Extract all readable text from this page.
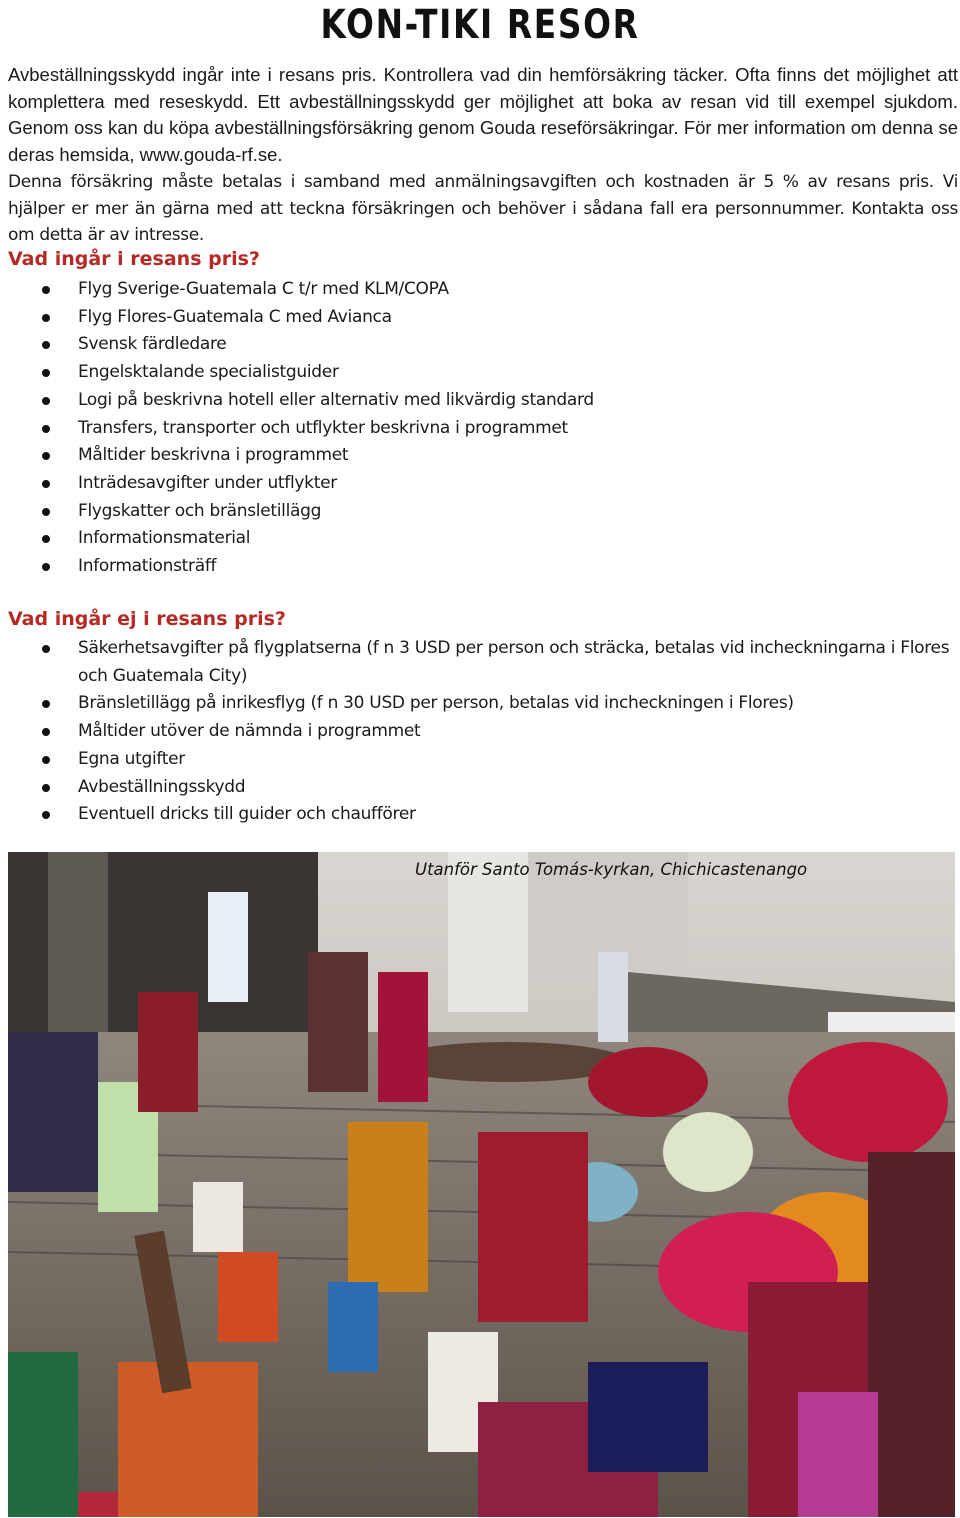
KON-TIKI RESOR

Avbeställningsskydd ingår inte i resans pris. Kontrollera vad din hemförsäkring täcker. Ofta finns det möjlighet att komplettera med reseskydd. Ett avbeställningsskydd ger möjlighet att boka av resan vid till exempel sjukdom. Genom oss kan du köpa avbeställningsförsäkring genom Gouda reseförsäkringar. För mer information om denna se deras hemsida, www.gouda-rf.se.

Denna försäkring måste betalas i samband med anmälningsavgiften och kostnaden är 5 % av resans pris. Vi hjälper er mer än gärna med att teckna försäkringen och behöver i sådana fall era personnummer. Kontakta oss om detta är av intresse.

Vad ingår i resans pris?
Flyg Sverige-Guatemala C t/r med KLM/COPA
Flyg Flores-Guatemala C med Avianca
Svensk färdledare
Engelsktalande specialistguider
Logi på beskrivna hotell eller alternativ med likvärdig standard
Transfers, transporter och utflykter beskrivna i programmet
Måltider beskrivna i programmet
Inträdesavgifter under utflykter
Flygskatter och bränsletillägg
Informationsmaterial
Informationsträff
Vad ingår ej i resans pris?
Säkerhetsavgifter på flygplatserna (f n 3 USD per person och sträcka, betalas vid incheckningarna i Flores och Guatemala City)
Bränsletillägg på inrikesflyg (f n 30 USD per person, betalas vid incheckningen i Flores)
Måltider utöver de nämnda i programmet
Egna utgifter
Avbeställningsskydd
Eventuell dricks till guider och chaufförer
Utanför Santo Tomás-kyrkan, Chichicastenango
